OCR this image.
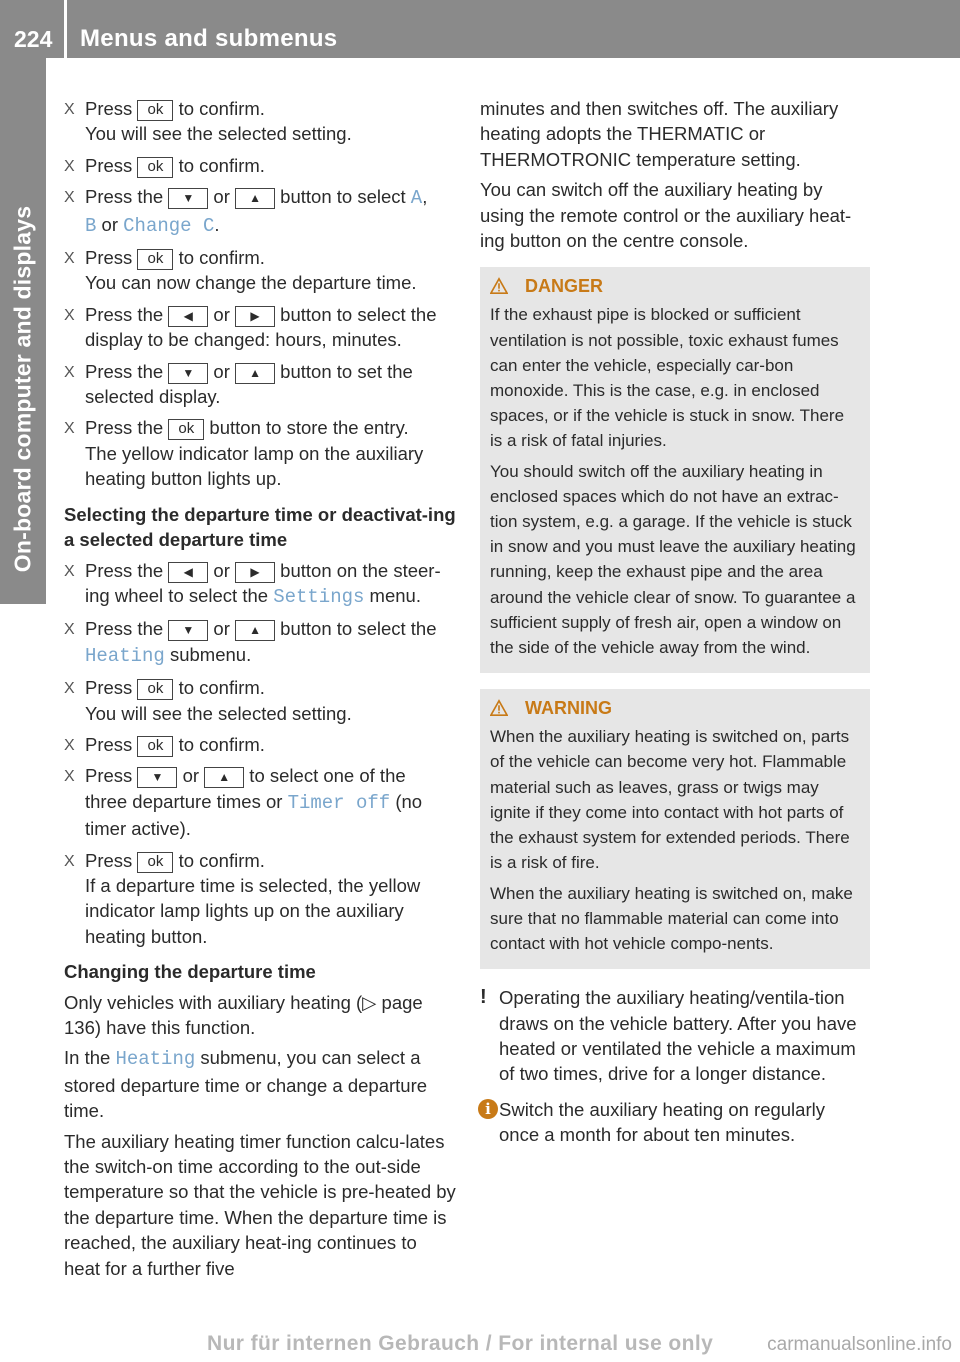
224	Menus and submenus
On-board computer and displays
X Press ok to confirm.
You will see the selected setting.
X Press ok to confirm.
X Press the ▼ or ▲ button to select A,
B or Change C.
X Press ok to confirm.
You can now change the departure time.
X Press the ◀ or ▶ button to select the
display to be changed: hours, minutes.
X Press the ▼ or ▲ button to set the
selected display.
X Press the ok button to store the entry.
The yellow indicator lamp on the auxiliary
heating button lights up.
Selecting the departure time or deactivat-ing a selected departure time
X Press the ◀ or ▶ button on the steer-
ing wheel to select the Settings menu.
X Press the ▼ or ▲ button to select the
Heating submenu.
X Press ok to confirm.
You will see the selected setting.
X Press ok to confirm.
X Press ▼ or ▲ to select one of the
three departure times or Timer off (no
timer active).
X Press ok to confirm.
If a departure time is selected, the yellow
indicator lamp lights up on the auxiliary
heating button.
Changing the departure time

Only vehicles with auxiliary heating (▷ page 136) have this function.

In the Heating submenu, you can select a stored departure time or change a departure time.

The auxiliary heating timer function calcu-lates the switch-on time according to the out-side temperature so that the vehicle is pre-heated by the departure time. When the departure time is reached, the auxiliary heat-ing continues to heat for a further five

minutes and then switches off. The auxiliary heating adopts the THERMATIC or THERMOTRONIC temperature setting.

You can switch off the auxiliary heating by using the remote control or the auxiliary heat-ing button on the centre console.

DANGER

If the exhaust pipe is blocked or sufficient ventilation is not possible, toxic exhaust fumes can enter the vehicle, especially car-bon monoxide. This is the case, e.g. in enclosed spaces, or if the vehicle is stuck in snow. There is a risk of fatal injuries.

You should switch off the auxiliary heating in enclosed spaces which do not have an extrac-tion system, e.g. a garage. If the vehicle is stuck in snow and you must leave the auxiliary heating running, keep the exhaust pipe and the area around the vehicle clear of snow. To guarantee a sufficient supply of fresh air, open a window on the side of the vehicle away from the wind.

WARNING

When the auxiliary heating is switched on, parts of the vehicle can become very hot. Flammable material such as leaves, grass or twigs may ignite if they come into contact with hot parts of the exhaust system for extended periods. There is a risk of fire.

When the auxiliary heating is switched on, make sure that no flammable material can come into contact with hot vehicle compo-nents.

! Operating the auxiliary heating/ventila-tion draws on the vehicle battery. After you have heated or ventilated the vehicle a maximum of two times, drive for a longer distance.
i Switch the auxiliary heating on regularly once a month for about ten minutes.
Nur für internen Gebrauch / For internal use only	carmanualsonline.info
